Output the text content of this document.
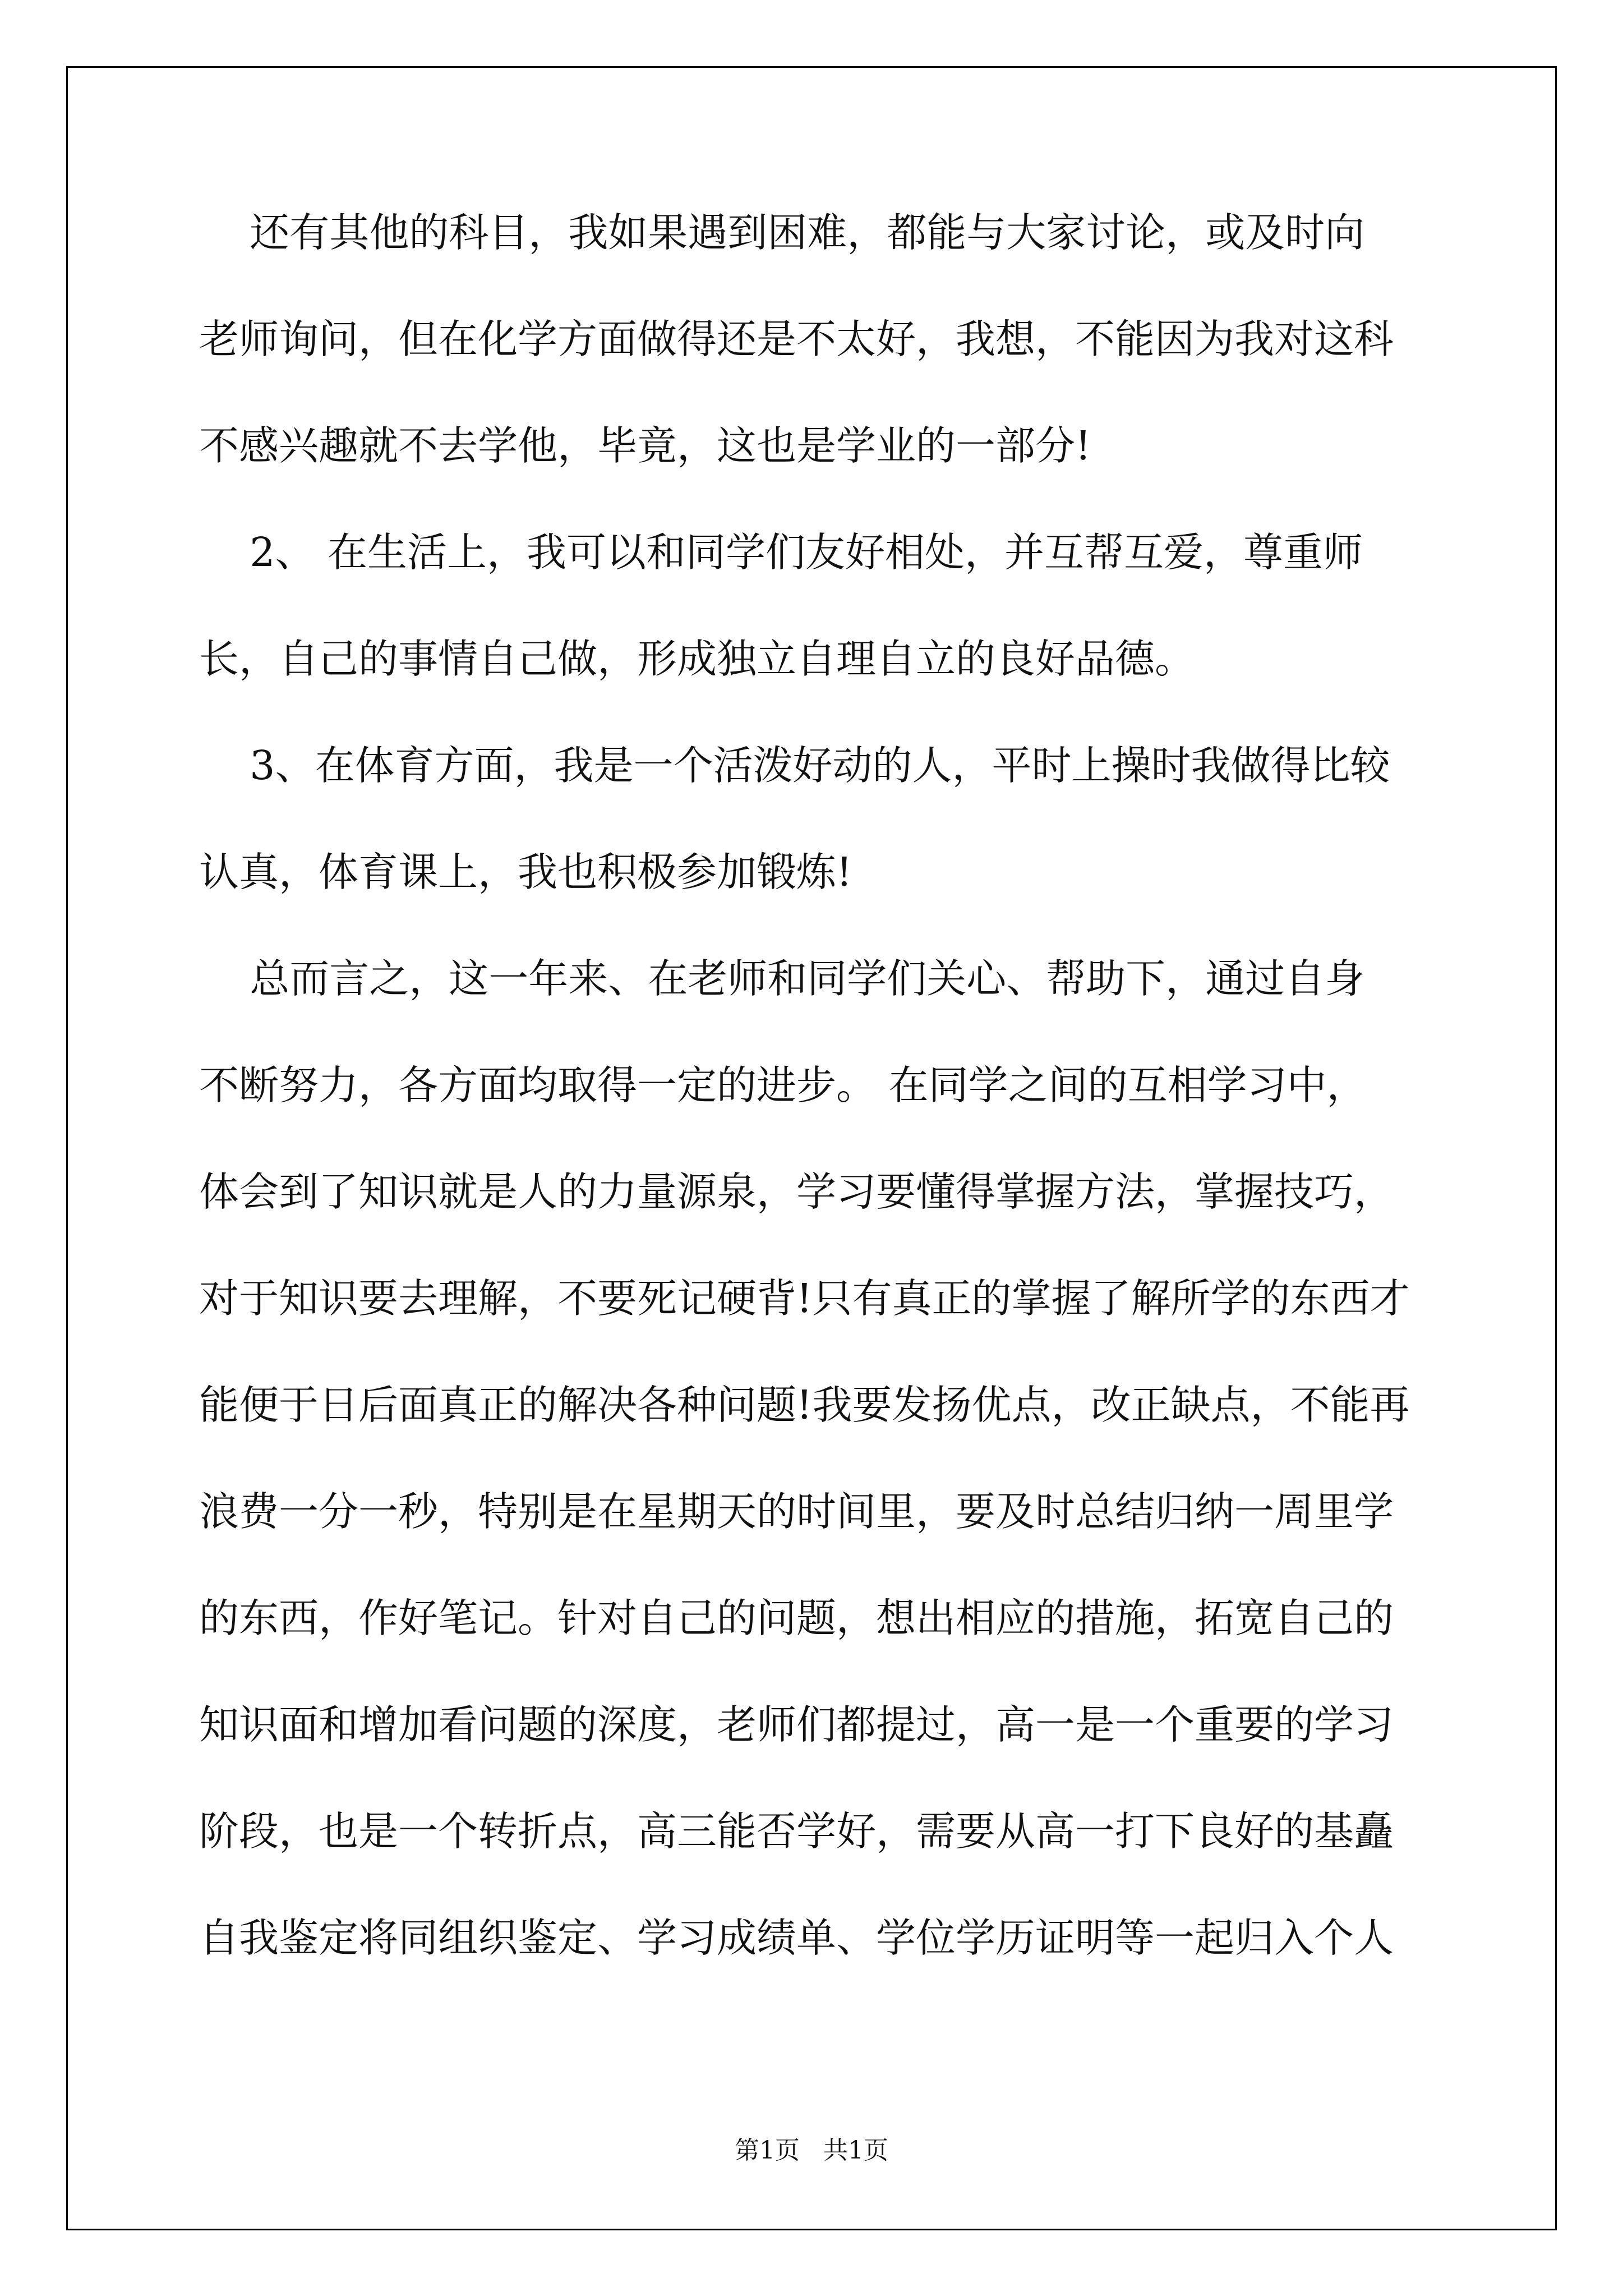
还有其他的科目，我如果遇到困难，都能与大家讨论，或及时向
老师询问，但在化学方面做得还是不太好，我想，不能因为我对这科
不感兴趣就不去学他，毕竟，这也是学业的一部分!
2、 在生活上，我可以和同学们友好相处，并互帮互爱，尊重师
长，自己的事情自己做，形成独立自理自立的良好品德。
3、在体育方面，我是一个活泼好动的人，平时上操时我做得比较
认真，体育课上，我也积极参加锻炼!
总而言之，这一年来、在老师和同学们关心、帮助下，通过自身
不断努力，各方面均取得一定的进步。 在同学之间的互相学习中，
体会到了知识就是人的力量源泉，学习要懂得掌握方法，掌握技巧，
对于知识要去理解，不要死记硬背!只有真正的掌握了解所学的东西才
能便于日后面真正的解决各种问题!我要发扬优点，改正缺点，不能再
浪费一分一秒，特别是在星期天的时间里，要及时总结归纳一周里学
的东西，作好笔记。针对自己的问题，想出相应的措施，拓宽自己的
知识面和增加看问题的深度，老师们都提过，高一是一个重要的学习
阶段，也是一个转折点，高三能否学好，需要从高一打下良好的基矗
自我鉴定将同组织鉴定、学习成绩单、学位学历证明等一起归入个人
第1页   共1页
